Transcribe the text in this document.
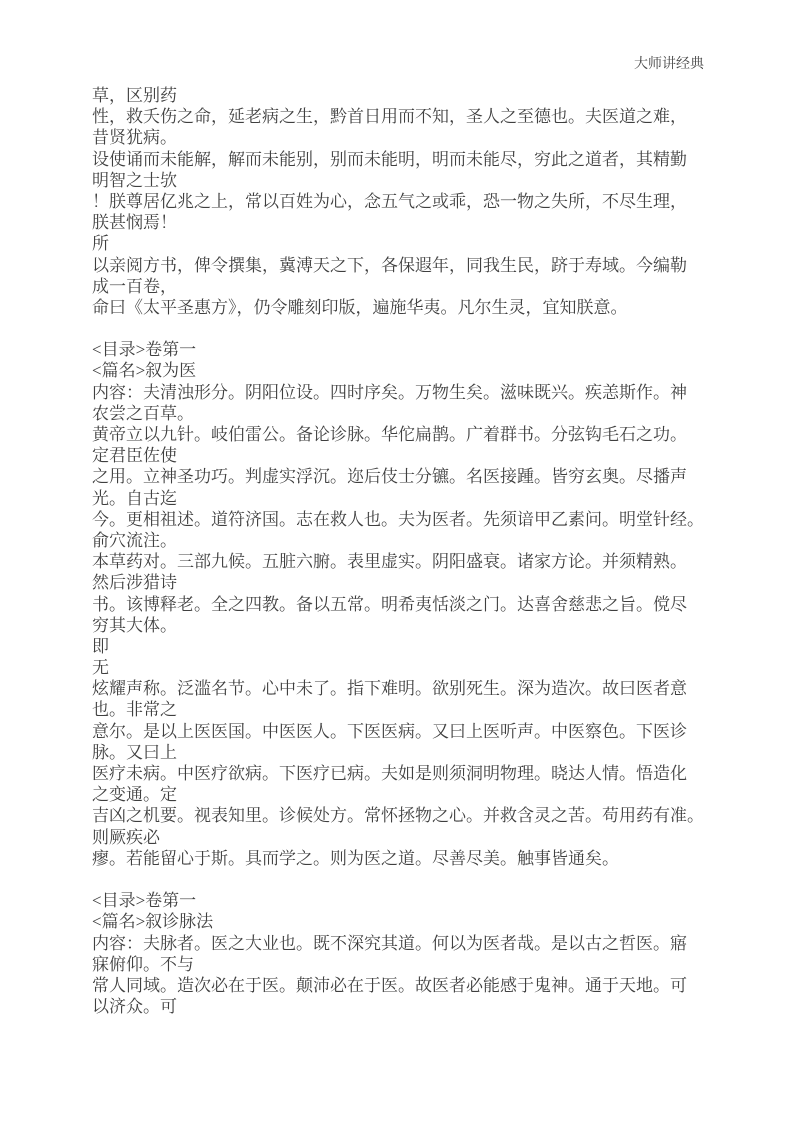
大师讲经典
草，区别药
性，救夭伤之命，延老病之生，黔首日用而不知，圣人之至德也。夫医道之难，
昔贤犹病。
设使诵而未能解，解而未能别，别而未能明，明而未能尽，穷此之道者，其精勤
明智之士欤
！朕尊居亿兆之上，常以百姓为心，念五气之或乖，恐一物之失所，不尽生理，
朕甚悯焉！
所
以亲阅方书，俾令撰集，冀溥天之下，各保遐年，同我生民，跻于寿域。今编勒
成一百卷，
命曰《太平圣惠方》，仍令雕刻印版，遍施华夷。凡尔生灵，宜知朕意。
<目录>卷第一
<篇名>叙为医
内容：夫清浊形分。阴阳位设。四时序矣。万物生矣。滋味既兴。疾恙斯作。神
农尝之百草。
黄帝立以九针。岐伯雷公。备论诊脉。华佗扁鹊。广着群书。分弦钩毛石之功。
定君臣佐使
之用。立神圣功巧。判虚实浮沉。迩后伎士分镳。名医接踵。皆穷玄奥。尽播声
光。自古迄
今。更相祖述。道符济国。志在救人也。夫为医者。先须谙甲乙素问。明堂针经。
俞穴流注。
本草药对。三部九候。五脏六腑。表里虚实。阴阳盛衰。诸家方论。并须精熟。
然后涉猎诗
书。该博释老。全之四教。备以五常。明希夷恬淡之门。达喜舍慈悲之旨。傥尽
穷其大体。
即
无
炫耀声称。泛滥名节。心中未了。指下难明。欲别死生。深为造次。故曰医者意
也。非常之
意尔。是以上医医国。中医医人。下医医病。又曰上医听声。中医察色。下医诊
脉。又曰上
医疗未病。中医疗欲病。下医疗已病。夫如是则须洞明物理。晓达人情。悟造化
之变通。定
吉凶之机要。视表知里。诊候处方。常怀拯物之心。并救含灵之苦。苟用药有准。
则厥疾必
瘳。若能留心于斯。具而学之。则为医之道。尽善尽美。触事皆通矣。
<目录>卷第一
<篇名>叙诊脉法
内容：夫脉者。医之大业也。既不深究其道。何以为医者哉。是以古之哲医。寤
寐俯仰。不与
常人同域。造次必在于医。颠沛必在于医。故医者必能感于鬼神。通于天地。可
以济众。可
